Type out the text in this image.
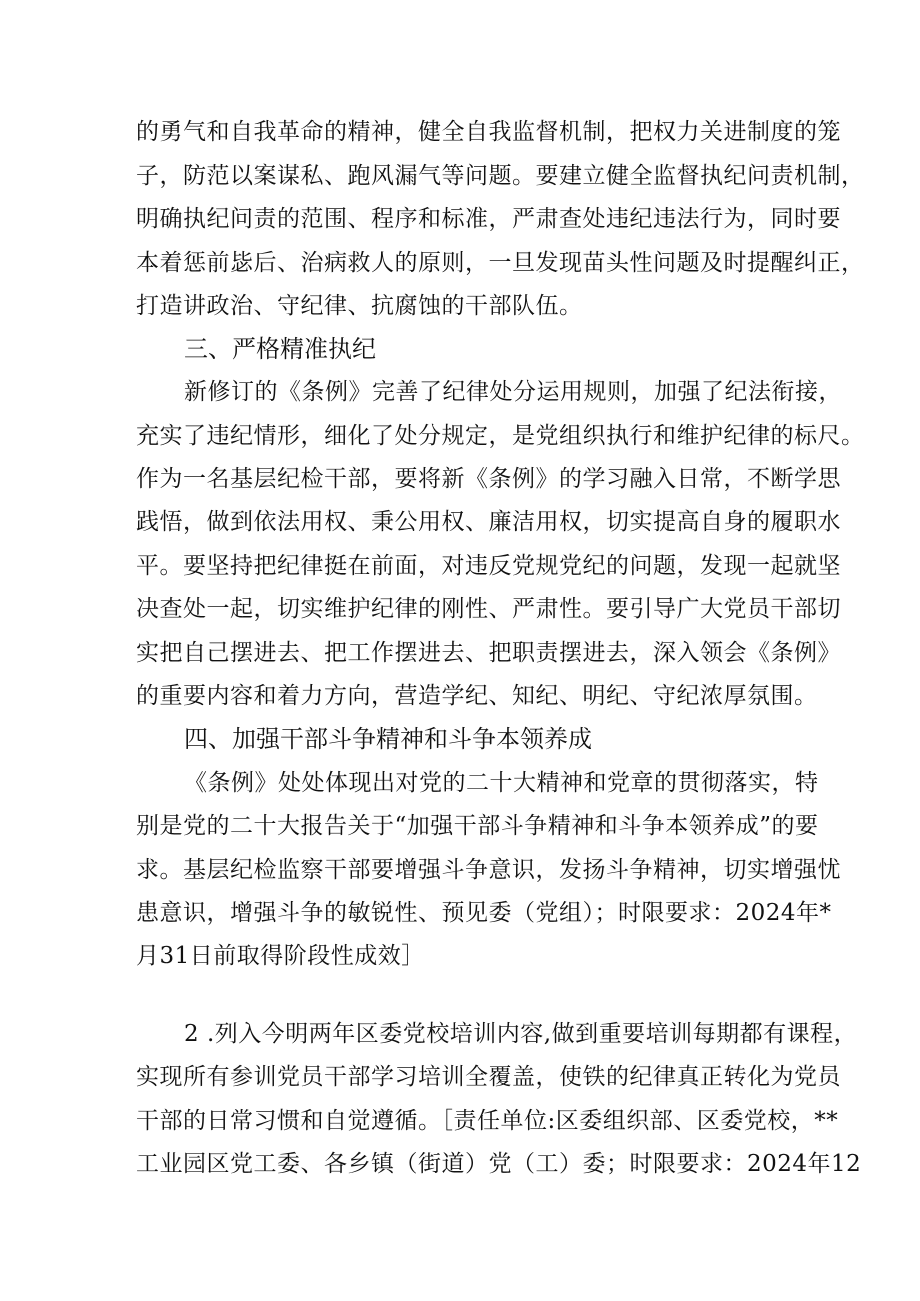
的勇气和自我革命的精神，健全自我监督机制，把权力关进制度的笼
子，防范以案谋私、跑风漏气等问题。要建立健全监督执纪问责机制，
明确执纪问责的范围、程序和标准，严肃查处违纪违法行为，同时要
本着惩前毖后、治病救人的原则，一旦发现苗头性问题及时提醒纠正，
打造讲政治、守纪律、抗腐蚀的干部队伍。
三、严格精准执纪
新修订的《条例》完善了纪律处分运用规则，加强了纪法衔接，
充实了违纪情形，细化了处分规定，是党组织执行和维护纪律的标尺。
作为一名基层纪检干部，要将新《条例》的学习融入日常，不断学思
践悟，做到依法用权、秉公用权、廉洁用权，切实提高自身的履职水
平。要坚持把纪律挺在前面，对违反党规党纪的问题，发现一起就坚
决查处一起，切实维护纪律的刚性、严肃性。要引导广大党员干部切
实把自己摆进去、把工作摆进去、把职责摆进去，深入领会《条例》
的重要内容和着力方向，营造学纪、知纪、明纪、守纪浓厚氛围。
四、加强干部斗争精神和斗争本领养成
《条例》处处体现出对党的二十大精神和党章的贯彻落实，特
别是党的二十大报告关于“加强干部斗争精神和斗争本领养成”的要
求。基层纪检监察干部要增强斗争意识，发扬斗争精神，切实增强忧
患意识，增强斗争的敏锐性、预见委（党组）；时限要求：2024年*
月31日前取得阶段性成效］
2 .列入今明两年区委党校培训内容,做到重要培训每期都有课程，
实现所有参训党员干部学习培训全覆盖，使铁的纪律真正转化为党员
干部的日常习惯和自觉遵循。［责任单位:区委组织部、区委党校，**
工业园区党工委、各乡镇（街道）党（工）委；时限要求：2024年12
